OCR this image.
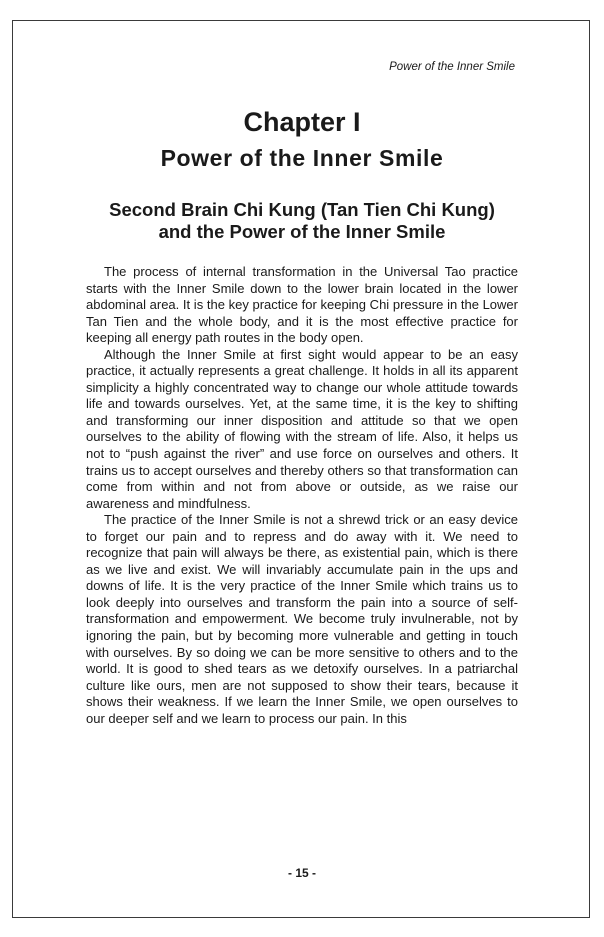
Power of the Inner Smile
Chapter I
Power of the Inner Smile
Second Brain Chi Kung (Tan Tien Chi Kung)
and the Power of the Inner Smile

The process of internal transformation in the Universal Tao practice starts with the Inner Smile down to the lower brain located in the lower abdominal area. It is the key practice for keeping Chi pressure in the Lower Tan Tien and the whole body, and it is the most effective practice for keeping all energy path routes in the body open.

Although the Inner Smile at first sight would appear to be an easy practice, it actually represents a great challenge. It holds in all its apparent simplicity a highly concentrated way to change our whole attitude towards life and towards ourselves. Yet, at the same time, it is the key to shifting and transforming our inner disposition and attitude so that we open ourselves to the ability of flowing with the stream of life. Also, it helps us not to “push against the river” and use force on ourselves and others. It trains us to accept ourselves and thereby others so that transformation can come from within and not from above or outside, as we raise our awareness and mindfulness.

The practice of the Inner Smile is not a shrewd trick or an easy device to forget our pain and to repress and do away with it. We need to recognize that pain will always be there, as existential pain, which is there as we live and exist. We will invariably accumulate pain in the ups and downs of life. It is the very practice of the Inner Smile which trains us to look deeply into ourselves and transform the pain into a source of self-transformation and empowerment. We become truly invulnerable, not by ignoring the pain, but by becoming more vulnerable and getting in touch with ourselves. By so doing we can be more sensitive to others and to the world. It is good to shed tears as we detoxify ourselves. In a patriarchal culture like ours, men are not supposed to show their tears, because it shows their weakness. If we learn the Inner Smile, we open ourselves to our deeper self and we learn to process our pain. In this

- 15 -
